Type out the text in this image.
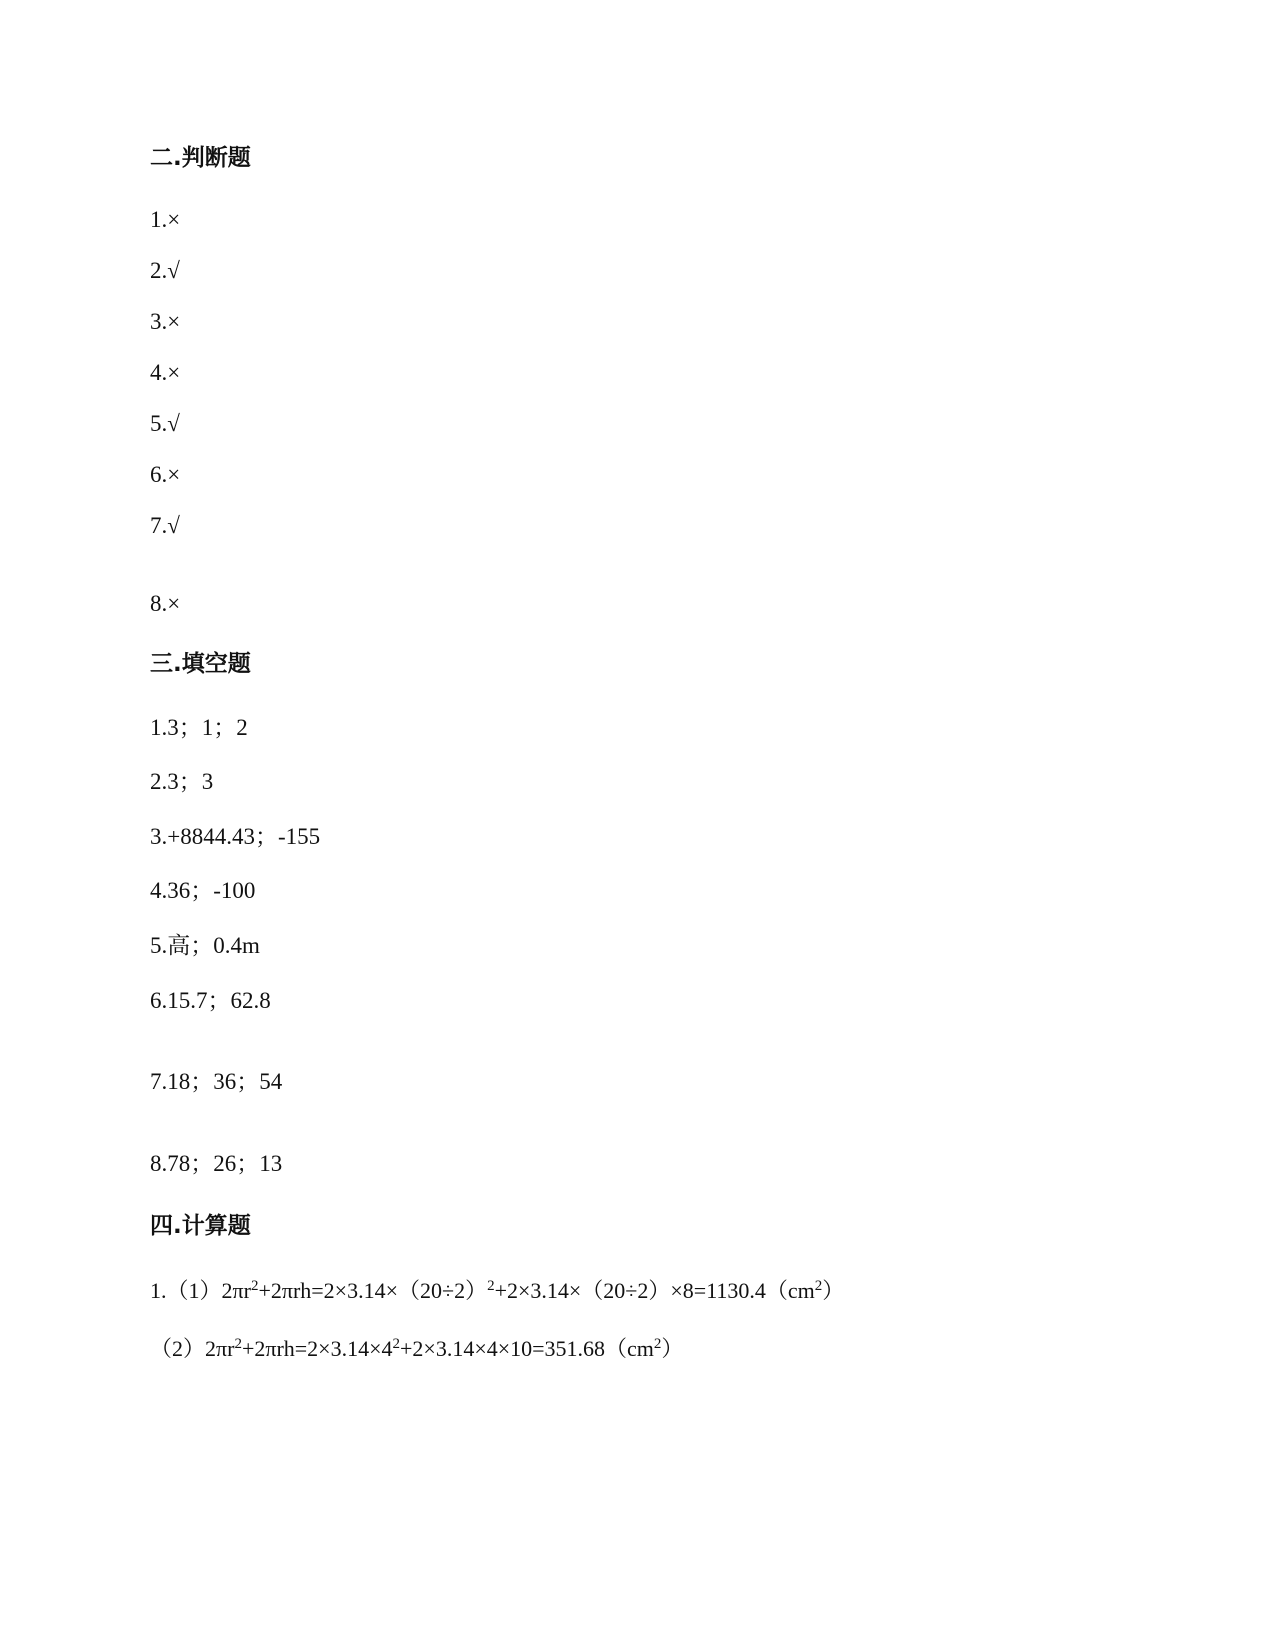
二.判断题
1.×
2.√
3.×
4.×
5.√
6.×
7.√
8.×
三.填空题
1.3；1；2
2.3；3
3.+8844.43；-155
4.36；-100
5.高；0.4m
6.15.7；62.8
7.18；36；54
8.78；26；13
四.计算题
$1.(1)2\pi r^2+2\pi rh=2\times 3.14\times(20\div 2)^2+2\times 3.14\times(20\div 2)\times 8=1130.4(cm^2)$
$(2)2\pi r^2+2\pi rh=2\times 3.14\times 4^2+2\times 3.14\times 4\times 10=351.68(cm^2)$
